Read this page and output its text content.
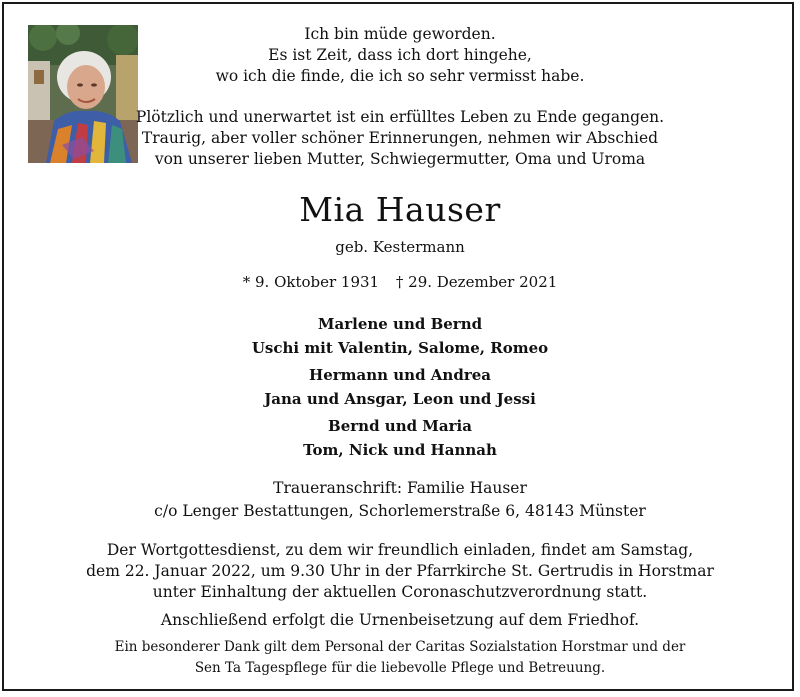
Ich bin müde geworden.
Es ist Zeit, dass ich dort hingehe,
wo ich die finde, die ich so sehr vermisst habe.
Plötzlich und unerwartet ist ein erfülltes Leben zu Ende gegangen.
Traurig, aber voller schöner Erinnerungen, nehmen wir Abschied
von unserer lieben Mutter, Schwiegermutter, Oma und Uroma
Mia Hauser
geb. Kestermann
* 9. Oktober 1931 † 29. Dezember 2021
Marlene und Bernd
Uschi mit Valentin, Salome, Romeo
Hermann und Andrea
Jana und Ansgar, Leon und Jessi
Bernd und Maria
Tom, Nick und Hannah
Traueranschrift: Familie Hauser
c/o Lenger Bestattungen, Schorlemerstraße 6, 48143 Münster
Der Wortgottesdienst, zu dem wir freundlich einladen, findet am Samstag,
dem 22. Januar 2022, um 9.30 Uhr in der Pfarrkirche St. Gertrudis in Horstmar
unter Einhaltung der aktuellen Coronaschutzverordnung statt.
Anschließend erfolgt die Urnenbeisetzung auf dem Friedhof.
Ein besonderer Dank gilt dem Personal der Caritas Sozialstation Horstmar und der
Sen Ta Tagespflege für die liebevolle Pflege und Betreuung.
